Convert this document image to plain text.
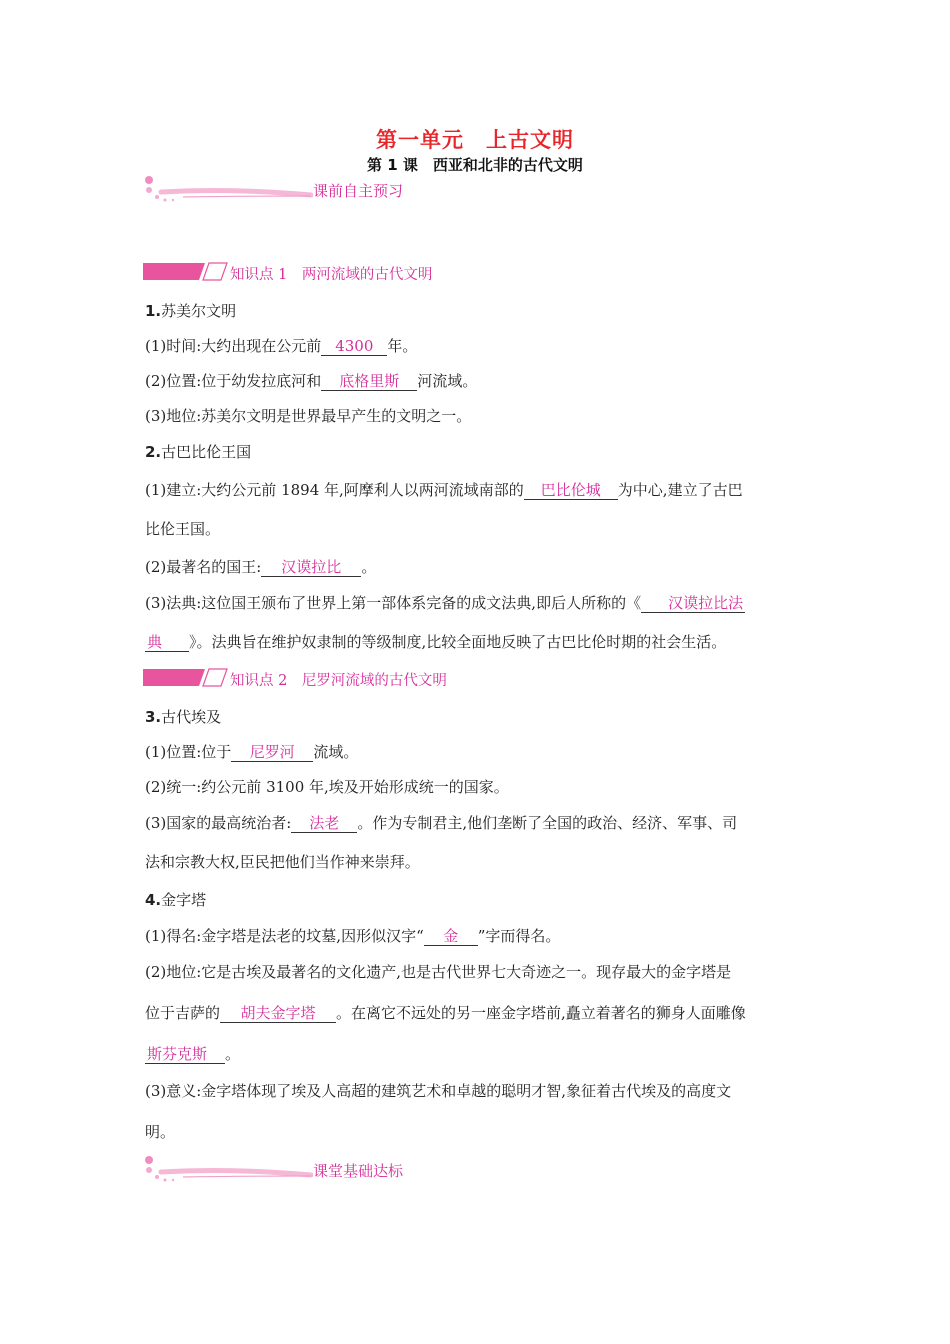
第一单元　上古文明
第 1 课　西亚和北非的古代文明
课前自主预习
知识点 1　两河流域的古代文明
1.苏美尔文明
(1)时间:大约出现在公元前 4300 年。
(2)位置:位于幼发拉底河和 底格里斯 河流域。
(3)地位:苏美尔文明是世界最早产生的文明之一。
2.古巴比伦王国
(1)建立:大约公元前 1894 年,阿摩利人以两河流域南部的 巴比伦城 为中心,建立了古巴
比伦王国。
(2)最著名的国王: 汉谟拉比 。
(3)法典:这位国王颁布了世界上第一部体系完备的成文法典,即后人所称的《 汉谟拉比法
典 》。法典旨在维护奴隶制的等级制度,比较全面地反映了古巴比伦时期的社会生活。
知识点 2　尼罗河流域的古代文明
3.古代埃及
(1)位置:位于 尼罗河 流域。
(2)统一:约公元前 3100 年,埃及开始形成统一的国家。
(3)国家的最高统治者: 法老 。作为专制君主,他们垄断了全国的政治、经济、军事、司
法和宗教大权,臣民把他们当作神来崇拜。
4.金字塔
(1)得名:金字塔是法老的坟墓,因形似汉字“ 金 ”字而得名。
(2)地位:它是古埃及最著名的文化遗产,也是古代世界七大奇迹之一。现存最大的金字塔是
位于吉萨的 胡夫金字塔 。在离它不远处的另一座金字塔前,矗立着著名的狮身人面雕像
斯芬克斯 。
(3)意义:金字塔体现了埃及人高超的建筑艺术和卓越的聪明才智,象征着古代埃及的高度文
明。
课堂基础达标
